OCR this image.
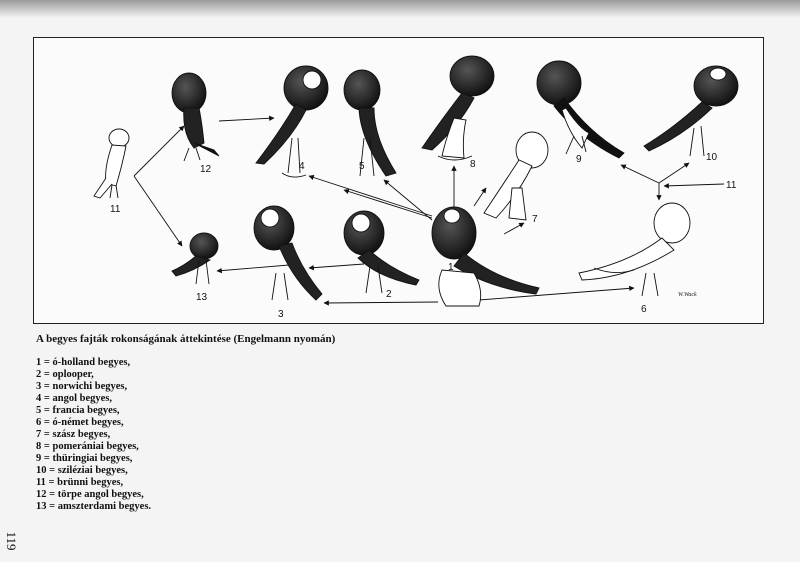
1
2
3
4	5
6
7
8	9	10
11
11
12
13	W.Wack
A begyes fajták rokonságának áttekintése (Engelmann nyomán)
1 = ó-holland begyes,
2 = oplooper,
3 = norwichi begyes,
4 = angol begyes,
5 = francia begyes,
6 = ó-német begyes,
7 = szász begyes,
8 = pomerániai begyes,
9 = thüringiai begyes,
10 = sziléziai begyes,
11 = brünni begyes,
12 = törpe angol begyes,
13 = amszterdami begyes.
119
